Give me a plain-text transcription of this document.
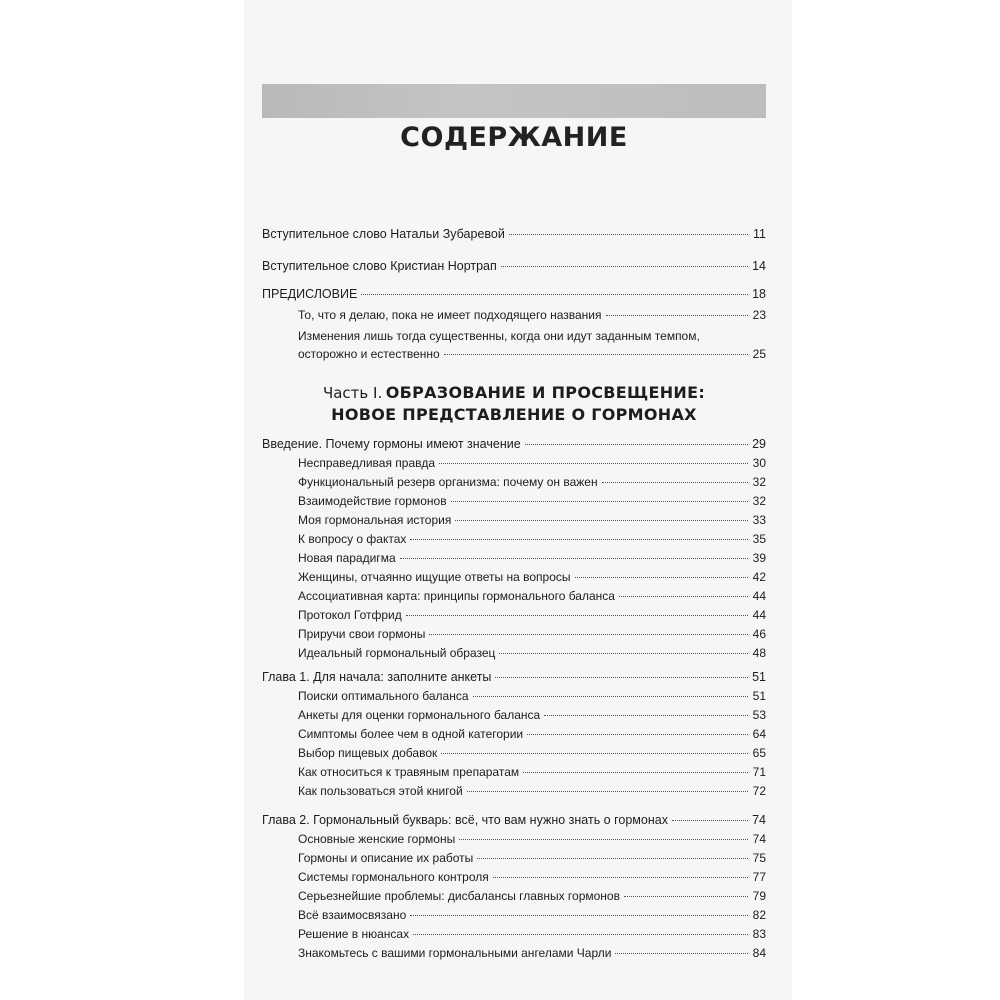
СОДЕРЖАНИЕ
Вступительное слово Натальи Зубаревой	11
Вступительное слово Кристиан Нортрап	14
ПРЕДИСЛОВИЕ	18
То, что я делаю, пока не имеет подходящего названия	23
Изменения лишь тогда существенны, когда они идут заданным темпом,
осторожно и естественно	25
Часть I. ОБРАЗОВАНИЕ И ПРОСВЕЩЕНИЕ:
НОВОЕ ПРЕДСТАВЛЕНИЕ О ГОРМОНАХ
Введение. Почему гормоны имеют значение	29
Несправедливая правда	30
Функциональный резерв организма: почему он важен	32
Взаимодействие гормонов	32
Моя гормональная история	33
К вопросу о фактах	35
Новая парадигма	39
Женщины, отчаянно ищущие ответы на вопросы	42
Ассоциативная карта: принципы гормонального баланса	44
Протокол Готфрид	44
Приручи свои гормоны	46
Идеальный гормональный образец	48
Глава 1. Для начала: заполните анкеты	51
Поиски оптимального баланса	51
Анкеты для оценки гормонального баланса	53
Симптомы более чем в одной категории	64
Выбор пищевых добавок	65
Как относиться к травяным препаратам	71
Как пользоваться этой книгой	72
Глава 2. Гормональный букварь: всё, что вам нужно знать о гормонах	74
Основные женские гормоны	74
Гормоны и описание их работы	75
Системы гормонального контроля	77
Серьезнейшие проблемы: дисбалансы главных гормонов	79
Всё взаимосвязано	82
Решение в нюансах	83
Знакомьтесь с вашими гормональными ангелами Чарли	84
